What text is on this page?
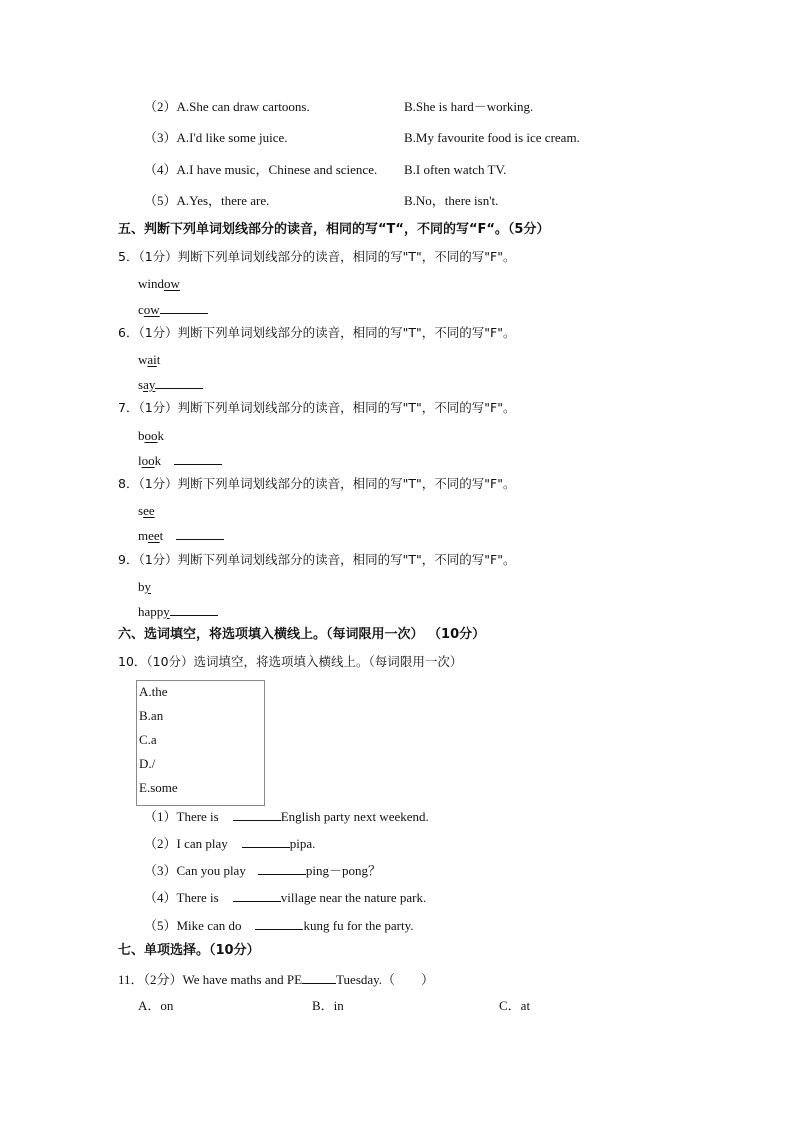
（2）A.She can draw cartoons.	B.She is hard－working.
（3）A.I'd like some juice.	B.My favourite food is ice cream.
（4）A.I have music，Chinese and science. B.I often watch TV.
（5）A.Yes，there are.	B.No，there isn't.
五、判断下列单词划线部分的读音，相同的写“T“，不同的写“F“。（5分）
5．（1分）判断下列单词划线部分的读音，相同的写"T"，不同的写"F"。
window
cow
6．（1分）判断下列单词划线部分的读音，相同的写"T"，不同的写"F"。
wait
say
7．（1分）判断下列单词划线部分的读音，相同的写"T"，不同的写"F"。
book
look
8．（1分）判断下列单词划线部分的读音，相同的写"T"，不同的写"F"。
see
meet
9．（1分）判断下列单词划线部分的读音，相同的写"T"，不同的写"F"。
by
happy
六、选词填空，将选项填入横线上。（每词限用一次） （10分）
10．（10分）选词填空，将选项填入横线上。（每词限用一次）
A.the
B.an
C.a
D./
E.some
（1）There is	English party next weekend.
（2）I can play	pipa.
（3）Can you play	ping－pong？
（4）There is	village near the nature park.
（5）Mike can do	kung fu for the party.
七、单项选择。（10分）
11．（2分）We have maths and PE	Tuesday.（　　）
A．on	B．in	C．at
